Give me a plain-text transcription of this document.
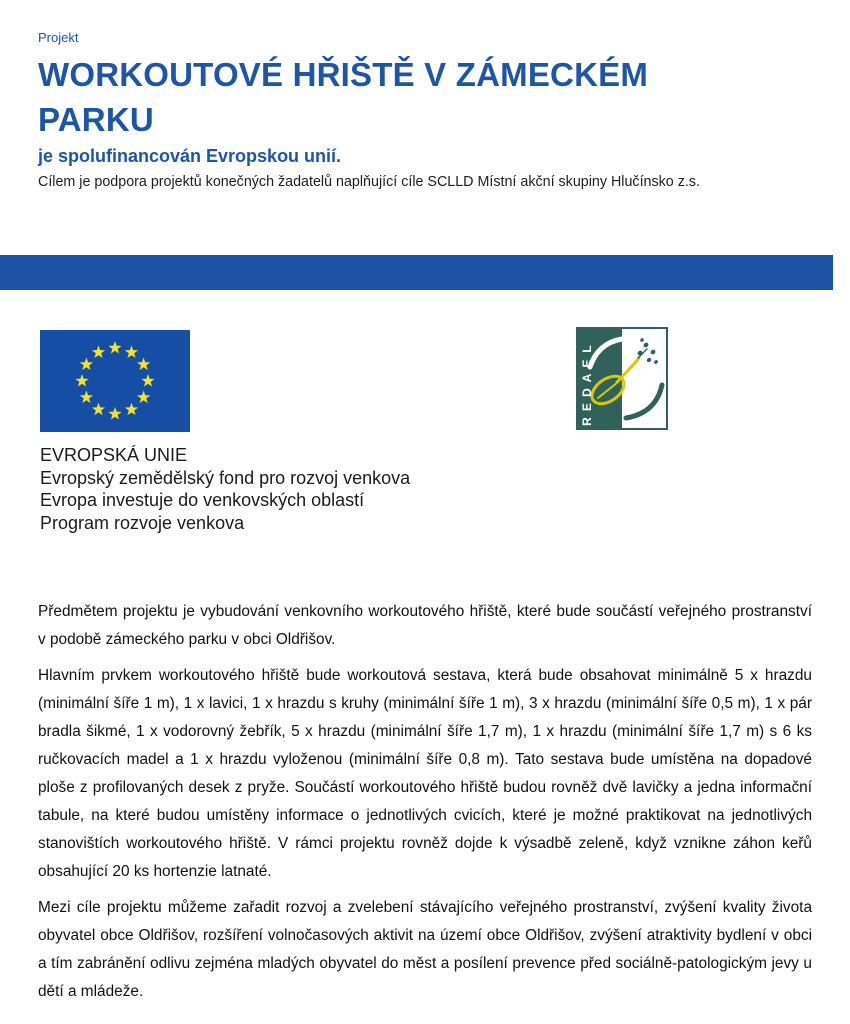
Projekt
WORKOUTOVÉ HŘIŠTĚ V ZÁMECKÉM PARKU
je spolufinancován Evropskou unií.
Cílem je podpora projektů konečných žadatelů naplňující cíle SCLLD Místní akční skupiny Hlučínsko z.s.
EVROPSKÁ UNIE
Evropský zemědělský fond pro rozvoj venkova
Evropa investuje do venkovských oblastí
Program rozvoje venkova
L
E
A
D
E
R

Předmětem projektu je vybudování venkovního workoutového hřiště, které bude součástí veřejného prostranství v podobě zámeckého parku v obci Oldřišov.

Hlavním prvkem workoutového hřiště bude workoutová sestava, která bude obsahovat minimálně 5 x hrazdu (minimální šíře 1 m), 1 x lavici, 1 x hrazdu s kruhy (minimální šíře 1 m), 3 x hrazdu (minimální šíře 0,5 m), 1 x pár bradla šikmé, 1 x vodorovný žebřík, 5 x hrazdu (minimální šíře 1,7 m), 1 x hrazdu (minimální šíře 1,7 m) s 6 ks ručkovacích madel a 1 x hrazdu vyloženou (minimální šíře 0,8 m). Tato sestava bude umístěna na dopadové ploše z profilovaných desek z pryže. Součástí workoutového hřiště budou rovněž dvě lavičky a jedna informační tabule, na které budou umístěny informace o jednotlivých cvicích, které je možné praktikovat na jednotlivých stanovištích workoutového hřiště. V rámci projektu rovněž dojde k výsadbě zeleně, když vznikne záhon keřů obsahující 20 ks hortenzie latnaté.

Mezi cíle projektu můžeme zařadit rozvoj a zvelebení stávajícího veřejného prostranství, zvýšení kvality života obyvatel obce Oldřišov, rozšíření volnočasových aktivit na území obce Oldřišov, zvýšení atraktivity bydlení v obci a tím zabránění odlivu zejména mladých obyvatel do měst a posílení prevence před sociálně-patologickým jevy u dětí a mládeže.
